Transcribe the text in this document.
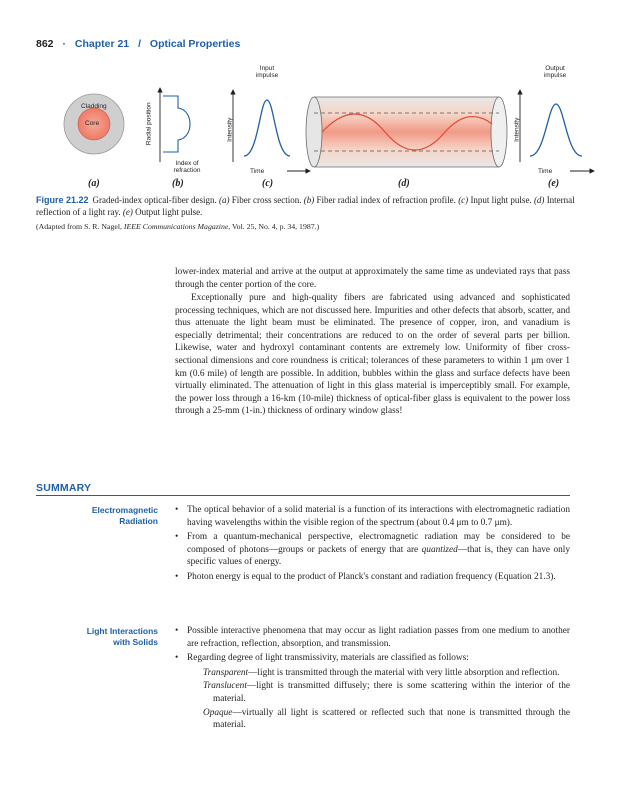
862 · Chapter 21 / Optical Properties
Cladding
Core	Radial position
Index of
refraction
Input
impulse
Intensity
Time
Output
impulse
Intensity
Time
(a)	(b)	(c)	(d)	(e)
Figure 21.22 Graded-index optical-fiber design. (a) Fiber cross section. (b) Fiber radial index of refraction profile. (c) Input light pulse. (d) Internal reflection of a light ray. (e) Output light pulse.
(Adapted from S. R. Nagel, IEEE Communications Magazine, Vol. 25, No. 4, p. 34, 1987.)

lower-index material and arrive at the output at approximately the same time as undeviated rays that pass through the center portion of the core.

Exceptionally pure and high-quality fibers are fabricated using advanced and sophisticated processing techniques, which are not discussed here. Impurities and other defects that absorb, scatter, and thus attenuate the light beam must be eliminated. The presence of copper, iron, and vanadium is especially detrimental; their concentrations are reduced to on the order of several parts per billion. Likewise, water and hydroxyl contaminant contents are extremely low. Uniformity of fiber cross-sectional dimensions and core roundness is critical; tolerances of these parameters to within 1 μm over 1 km (0.6 mile) of length are possible. In addition, bubbles within the glass and surface defects have been virtually eliminated. The attenuation of light in this glass material is imperceptibly small. For example, the power loss through a 16-km (10-mile) thickness of optical-fiber glass is equivalent to the power loss through a 25-mm (1-in.) thickness of ordinary window glass!

SUMMARY
Electromagnetic
Radiation
• The optical behavior of a solid material is a function of its interactions with electromagnetic radiation having wavelengths within the visible region of the spectrum (about 0.4 μm to 0.7 μm).
• From a quantum-mechanical perspective, electromagnetic radiation may be considered to be composed of photons—groups or packets of energy that are quantized—that is, they can have only specific values of energy.
• Photon energy is equal to the product of Planck's constant and radiation frequency (Equation 21.3).
Light Interactions
with Solids
• Possible interactive phenomena that may occur as light radiation passes from one medium to another are refraction, reflection, absorption, and transmission.
• Regarding degree of light transmissivity, materials are classified as follows:
Transparent—light is transmitted through the material with very little absorption and reflection.
Translucent—light is transmitted diffusely; there is some scattering within the interior of the material.
Opaque—virtually all light is scattered or reflected such that none is transmitted through the material.
